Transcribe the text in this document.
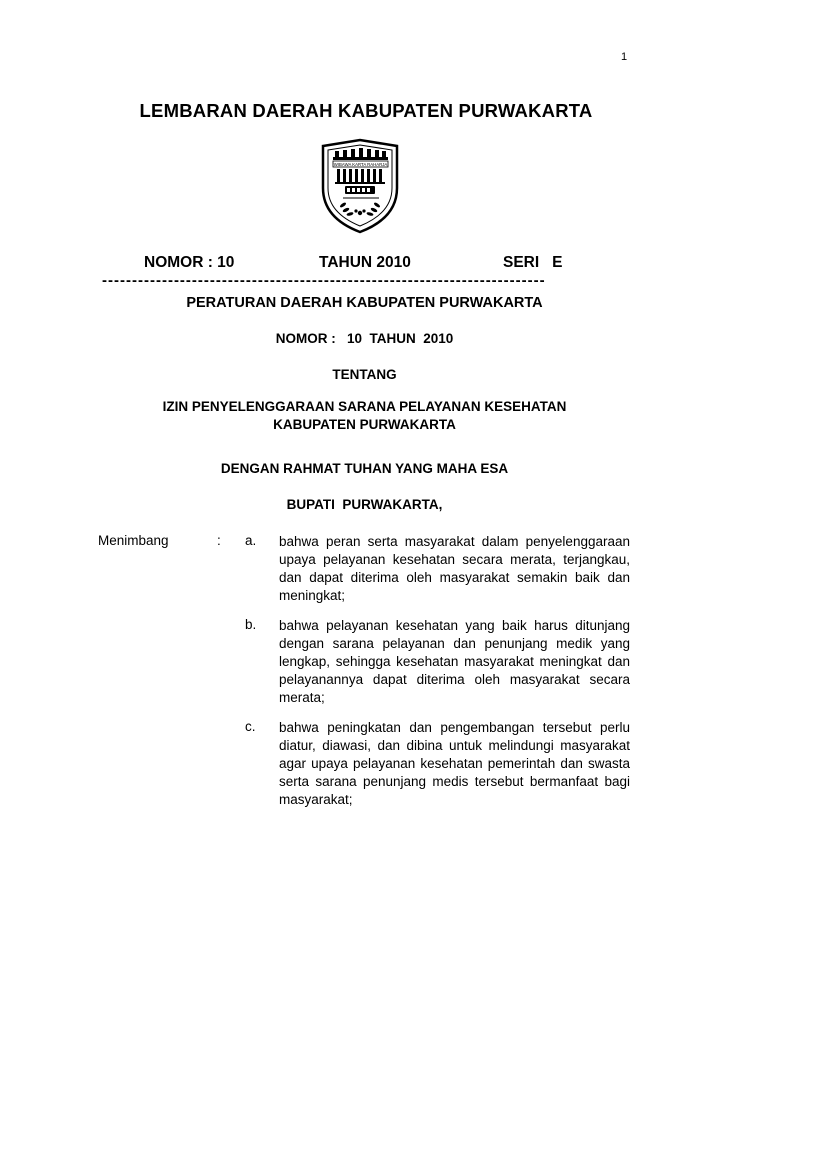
1
LEMBARAN DAERAH KABUPATEN PURWAKARTA
WIBAWA KARTA RAHARJA
NOMOR : 10	TAHUN 2010	SERI   E
--------------------------------------------------------------------------
PERATURAN DAERAH KABUPATEN PURWAKARTA
NOMOR :   10  TAHUN  2010
TENTANG
IZIN PENYELENGGARAAN SARANA PELAYANAN KESEHATAN
KABUPATEN PURWAKARTA
DENGAN RAHMAT TUHAN YANG MAHA ESA
BUPATI  PURWAKARTA,
Menimbang	: a. bahwa peran serta masyarakat dalam penyelenggaraan upaya pelayanan kesehatan secara merata, terjangkau, dan dapat diterima oleh masyarakat semakin baik dan meningkat;
b. bahwa pelayanan kesehatan yang baik harus ditunjang dengan sarana pelayanan dan penunjang medik yang lengkap, sehingga kesehatan masyarakat meningkat dan pelayanannya dapat diterima oleh masyarakat secara merata;
c. bahwa peningkatan dan pengembangan tersebut perlu diatur, diawasi, dan dibina untuk melindungi masyarakat agar upaya pelayanan kesehatan pemerintah dan swasta serta sarana penunjang medis tersebut bermanfaat bagi masyarakat;
